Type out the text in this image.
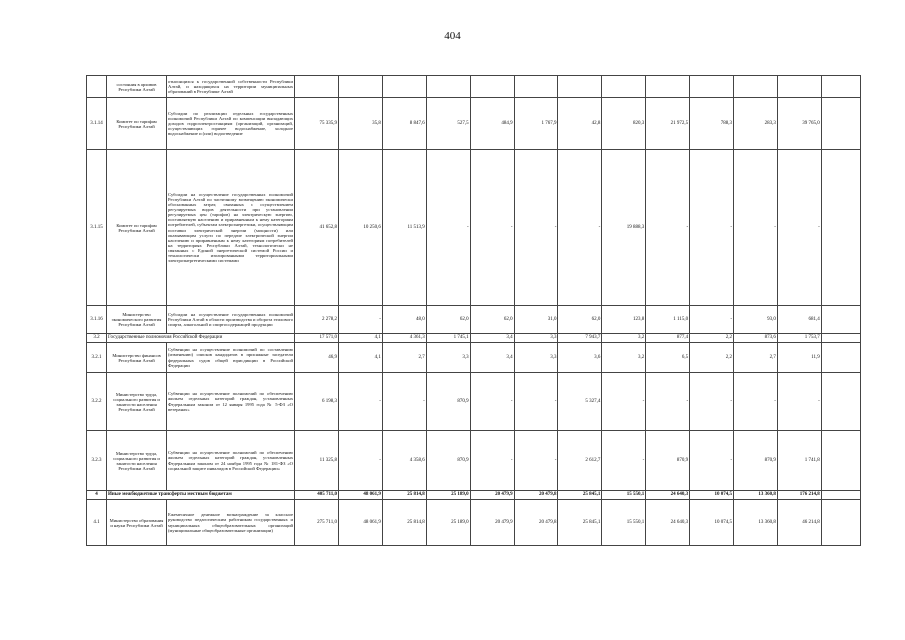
404
	состояния в архивов Республики Алтай	относящихся к государственной собственности Республики Алтай, и находящихся на территории муниципальных образований в Республике Алтай													
3.1.14	Комитет по тарифам Республики Алтай	Субсидии по реализации отдельных государственных полномочий Республики Алтай по компенсации выпадающих доходов гидроэлектростанциям (организаций, организаций, осуществляющих горячее водоснабжение, холодное водоснабжение и (или) водоотведение	75 335,9	35,8	8 847,6	527,5	484,9	1 767,9	42,8	820,3	21 972,5	788,3	283,3	39 765,0	
3.1.15	Комитет по тарифам Республики Алтай	Субсидии на осуществление государственных полномочий Республики Алтай по частичному возмещению экономически обоснованных затрат, связанных с осуществлением регулируемых видов деятельности при установлении регулируемых цен (тарифов) на электрическую энергию, поставляемую населению и приравненным к нему категориям потребителей, субъектам электроэнергетики, осуществляющим поставки электрической энергии (мощности) или оказывающим услуги по передаче электрической энергии населению и приравненным к нему категориям потребителей на территориях Республики Алтай, технологически не связанных с Единой энергетической системой России и технологически изолированными территориальными электроэнергетическими системами	41 652,8	10 250,6	11 513,9	-	-	-	-	19 888,3	-	-	-	-	
3.1.16	Министерство экономического развития Республики Алтай	Субсидии на осуществление государственных полномочий Республики Алтай в области производства и оборота этилового спирта, алкогольной и спиртосодержащей продукции	2 278,2	-	48,0	62,0	62,0	31,0	62,0	123,8	1 115,0	-	93,0	681,4	
3.2	Государственные полномочия Российской Федерации		17 571,0	4,1	4 361,3	1 745,1	3,4	3,3	7 943,7	3,2	877,4	2,2	873,6	1 753,7	
3.2.1	Министерство финансов Республики Алтай	Субвенции на осуществление полномочий по составлению (изменению) списков кандидатов в присяжные заседатели федеральных судов общей юрисдикции в Российской Федерации	46,9	4,1	2,7	3,3	3,4	3,3	3,6	3,2	6,5	2,2	2,7	11,9	
3.2.2	Министерство труда, социального развития и занятости населения Республики Алтай	Субвенции на осуществление полномочий по обеспечению жильем отдельных категорий граждан, установленных Федеральным законом от 12 января 1995 года № 5-ФЗ «О ветеранах»	6 198,3	-	-	870,9	-	-	5 327,4	-	-	-	-	-	
3.2.3	Министерство труда, социального развития и занятости населения Республики Алтай	Субвенции на осуществление полномочий по обеспечению жильем отдельных категорий граждан, установленных Федеральным законом от 24 ноября 1995 года № 181-ФЗ «О социальной защите инвалидов в Российской Федерации»	11 325,8	-	4 358,6	870,9	-	-	2 612,7	-	870,9	-	870,9	1 741,8	
4	Иные межбюджетные трансферты местным бюджетам		405 711,0	48 061,9	25 814,8	25 189,0	20 479,9	20 479,8	25 845,1	15 550,1	24 640,3	10 074,5	13 360,8	176 214,8	
4.1	Министерство образования и науки Республики Алтай	Ежемесячное денежное вознаграждение за классное руководство педагогическим работникам государственных и муниципальных общеобразовательных организаций (муниципальные общеобразовательные организации)	275 711,0	48 061,9	25 814,8	25 189,0	20 479,9	20 479,8	25 845,1	15 550,1	24 640,3	10 074,5	13 360,8	46 214,8	
